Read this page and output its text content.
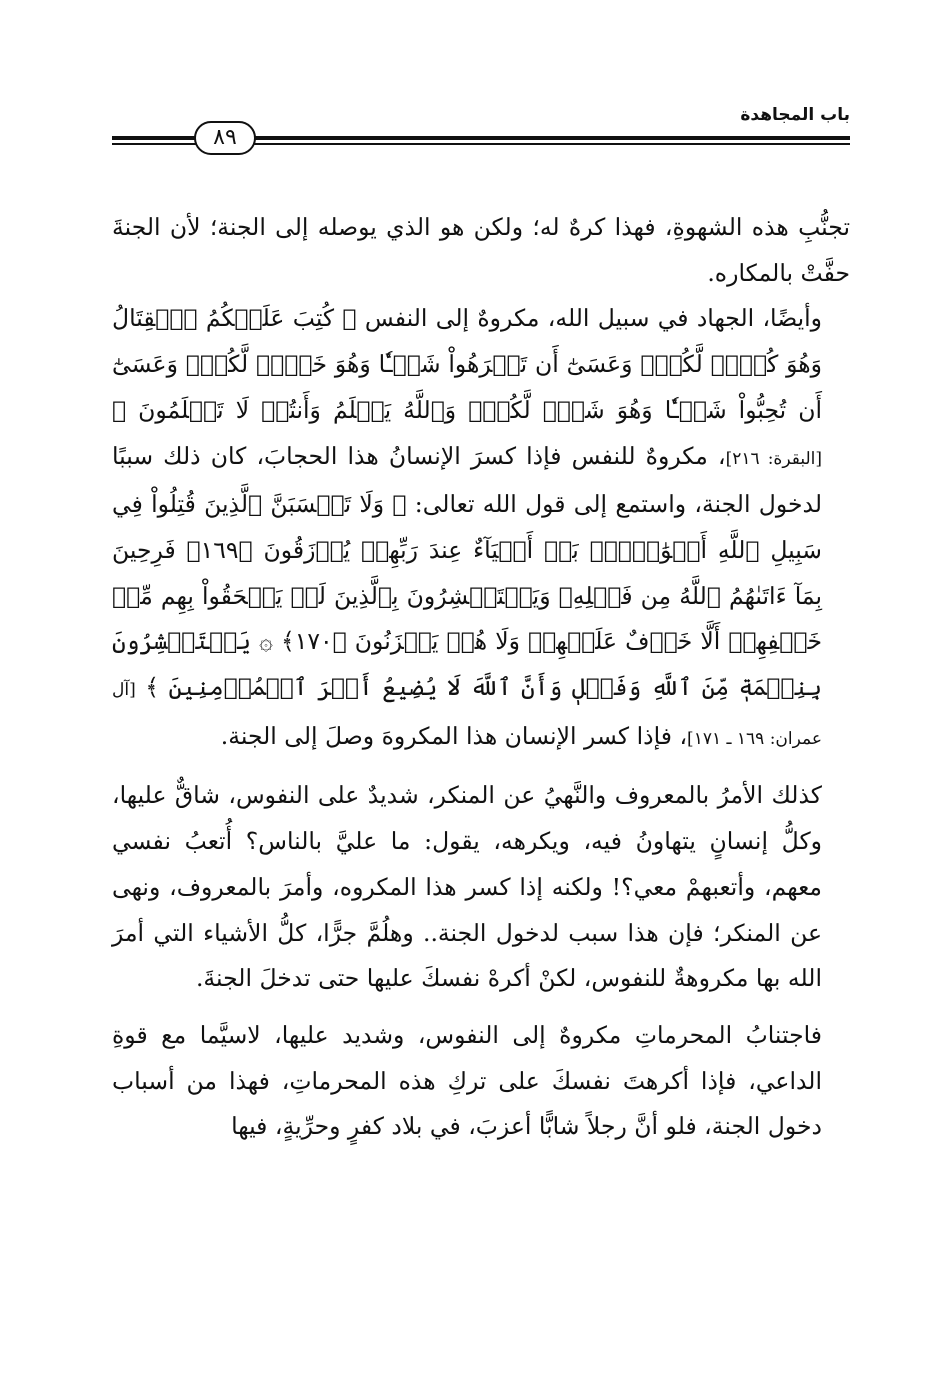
باب المجاهدة
٨٩

تجنُّبِ هذه الشهوةِ، فهذا كرهٌ له؛ ولكن هو الذي يوصله إلى الجنة؛ لأن الجنةَ حفَّتْ بالمكاره.

وأيضًا، الجهاد في سبيل الله، مكروهٌ إلى النفس ﴿ كُتِبَ عَلَيۡكُمُ ٱلۡقِتَالُ وَهُوَ كُرۡهٞ لَّكُمۡۖ وَعَسَىٰٓ أَن تَكۡرَهُواْ شَيۡـٔٗا وَهُوَ خَيۡرٞ لَّكُمۡۖ وَعَسَىٰٓ أَن تُحِبُّواْ شَيۡـٔٗا وَهُوَ شَرّٞ لَّكُمۡۚ وَٱللَّهُ يَعۡلَمُ وَأَنتُمۡ لَا تَعۡلَمُونَ ﴾ [البقرة: ٢١٦]، مكروهٌ للنفس فإذا كسرَ الإنسانُ هذا الحجابَ، كان ذلك سببًا لدخول الجنة، واستمع إلى قول الله تعالى: ﴿ وَلَا تَحۡسَبَنَّ ٱلَّذِينَ قُتِلُواْ فِي سَبِيلِ ٱللَّهِ أَمۡوَٰتَۢاۚ بَلۡ أَحۡيَآءٌ عِندَ رَبِّهِمۡ يُرۡزَقُونَ ﴿١٦٩﴾ فَرِحِينَ بِمَآ ءَاتَىٰهُمُ ٱللَّهُ مِن فَضۡلِهِۦ وَيَسۡتَبۡشِرُونَ بِٱلَّذِينَ لَمۡ يَلۡحَقُواْ بِهِم مِّنۡ خَلۡفِهِمۡ أَلَّا خَوۡفٌ عَلَيۡهِمۡ وَلَا هُمۡ يَحۡزَنُونَ ﴿١٧٠﴾ ۞ يَسۡتَبۡشِرُونَ بِنِعۡمَةٖ مِّنَ ٱللَّهِ وَفَضۡلٖ وَأَنَّ ٱللَّهَ لَا يُضِيعُ أَجۡرَ ٱلۡمُؤۡمِنِينَ ﴾ [آل عمران: ١٦٩ ـ ١٧١]، فإذا كسر الإنسان هذا المكروهَ وصلَ إلى الجنة.

كذلك الأمرُ بالمعروف والنَّهيُ عن المنكر، شديدٌ على النفوس، شاقٌّ عليها، وكلُّ إنسانٍ يتهاونُ فيه، ويكرهه، يقول: ما عليَّ بالناس؟ أُتعبُ نفسي معهم، وأتعبهمْ معي؟! ولكنه إذا كسر هذا المكروه، وأمرَ بالمعروف، ونهى عن المنكر؛ فإن هذا سبب لدخول الجنة.. وهلُمَّ جرًّا، كلُّ الأشياء التي أمرَ الله بها مكروهةٌ للنفوس، لكنْ أكرهْ نفسكَ عليها حتى تدخلَ الجنةَ.

فاجتنابُ المحرماتِ مكروهٌ إلى النفوس، وشديد عليها، لاسيَّما مع قوةِ الداعي، فإذا أكرهتَ نفسكَ على تركِ هذه المحرماتِ، فهذا من أسباب دخول الجنة، فلو أنَّ رجلاً شابًّا أعزبَ، في بلاد كفرٍ وحرِّيةٍ، فيها
